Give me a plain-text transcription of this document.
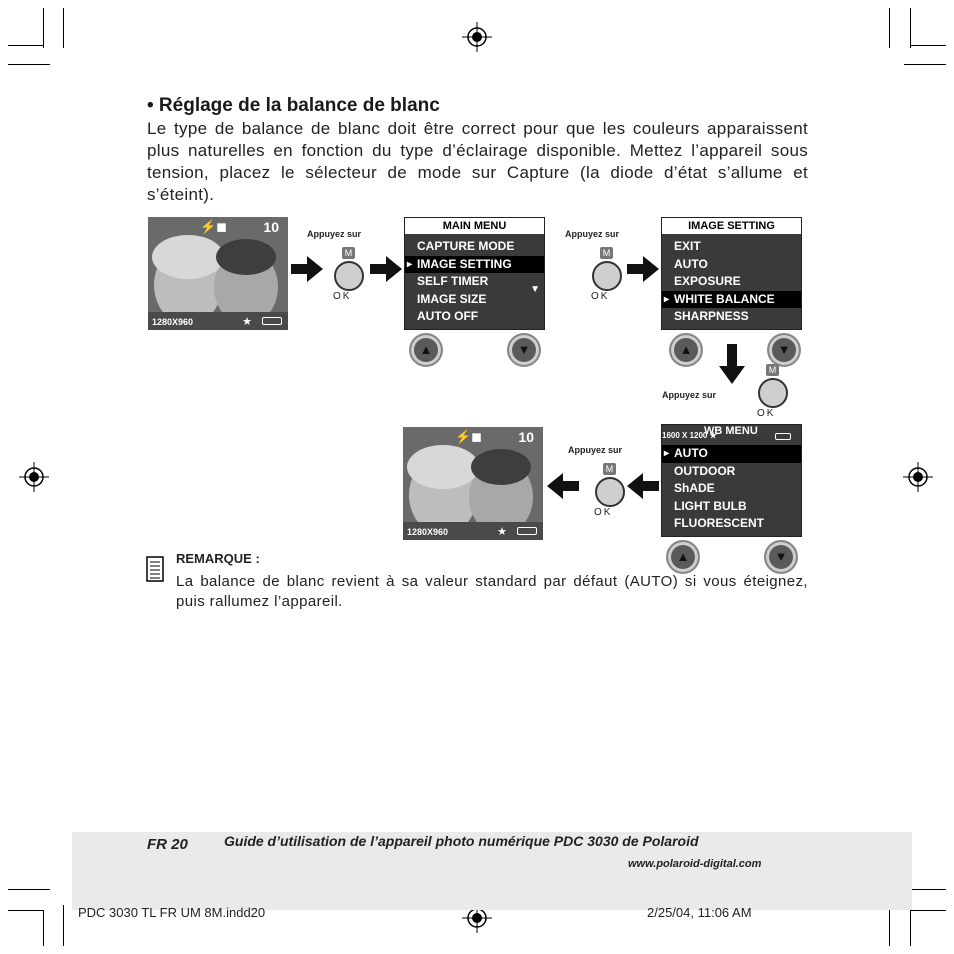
• Réglage de la balance de blanc
Le type de balance de blanc doit être correct pour que les couleurs apparaissent plus naturelles en fonction du type d’éclairage disponible. Mettez l’appareil sous tension, placez le sélecteur de mode sur Capture (la diode d’état s’allume et s’éteint).
⚡◼	10
1280X960	★
Appuyez sur
M
OK
MAIN MENU
CAPTURE MODE
▸ IMAGE SETTING
SELF TIMER
IMAGE SIZE
AUTO OFF
▼
▲	▼
Appuyez sur
M
OK
IMAGE SETTING
EXIT
AUTO
EXPOSURE
▸ WHITE BALANCE
SHARPNESS
▲	▼
Appuyez sur
M
OK
1600 X 1200 ★
WB MENU
▸ AUTO
OUTDOOR
ShADE
LIGHT BULB
FLUORESCENT
▲	▼
Appuyez sur
M
OK
⚡◼	10
1280X960	★
REMARQUE :
La balance de blanc revient à sa valeur standard par défaut (AUTO) si vous éteignez, puis rallumez l’appareil.
FR 20	Guide d’utilisation de l’appareil photo numérique PDC 3030 de Polaroid
www.polaroid-digital.com
PDC 3030 TL FR UM 8M.indd20	2/25/04, 11:06 AM
